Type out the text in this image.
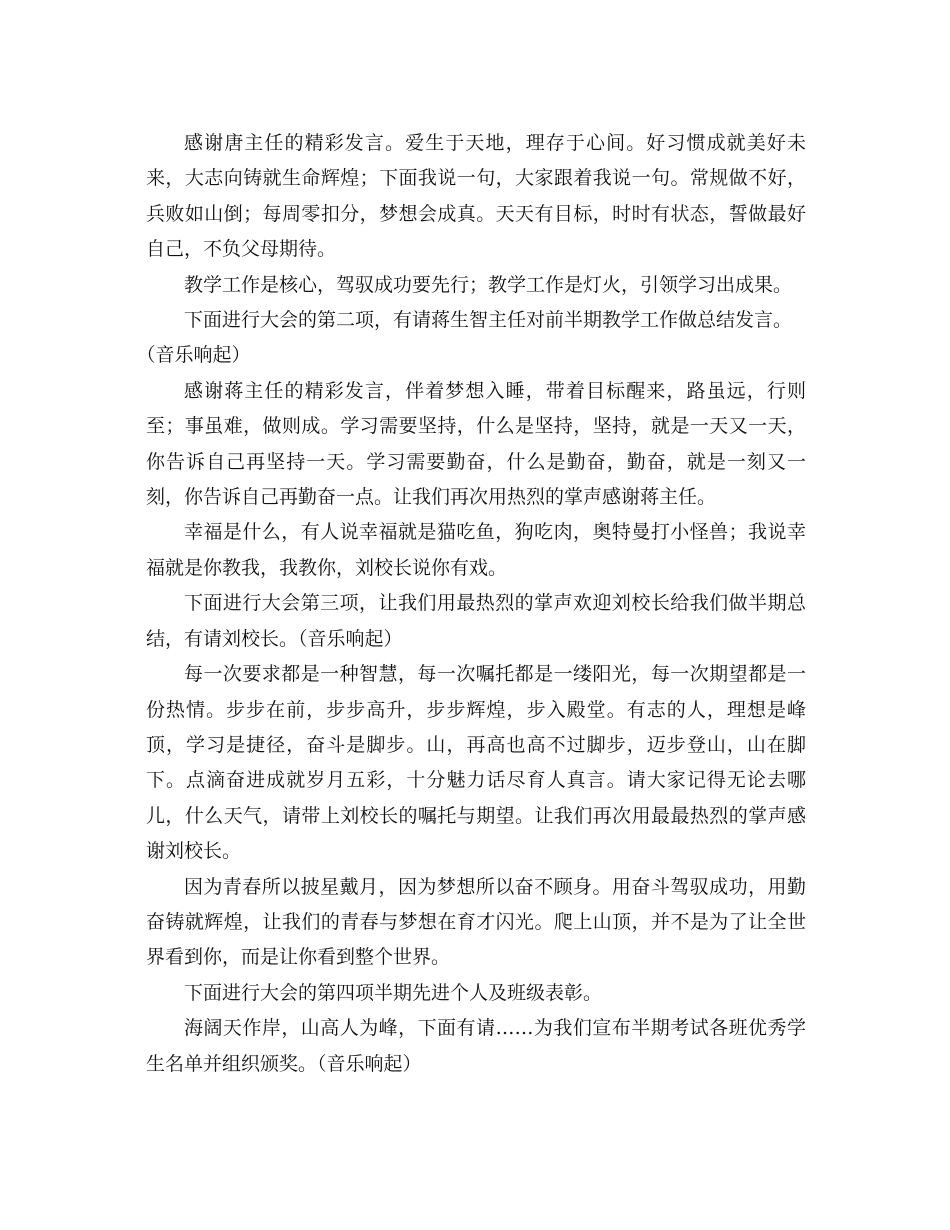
感谢唐主任的精彩发言。爱生于天地，理存于心间。好习惯成就美好未来，大志向铸就生命辉煌；下面我说一句，大家跟着我说一句。常规做不好，兵败如山倒；每周零扣分，梦想会成真。天天有目标，时时有状态，誓做最好自己，不负父母期待。

教学工作是核心，驾驭成功要先行；教学工作是灯火，引领学习出成果。

下面进行大会的第二项，有请蒋生智主任对前半期教学工作做总结发言。

（音乐响起）

感谢蒋主任的精彩发言，伴着梦想入睡，带着目标醒来，路虽远，行则至；事虽难，做则成。学习需要坚持，什么是坚持，坚持，就是一天又一天，你告诉自己再坚持一天。学习需要勤奋，什么是勤奋，勤奋，就是一刻又一刻，你告诉自己再勤奋一点。让我们再次用热烈的掌声感谢蒋主任。

幸福是什么，有人说幸福就是猫吃鱼，狗吃肉，奥特曼打小怪兽；我说幸福就是你教我，我教你，刘校长说你有戏。

下面进行大会第三项，让我们用最热烈的掌声欢迎刘校长给我们做半期总结，有请刘校长。（音乐响起）

每一次要求都是一种智慧，每一次嘱托都是一缕阳光，每一次期望都是一份热情。步步在前，步步高升，步步辉煌，步入殿堂。有志的人，理想是峰顶，学习是捷径，奋斗是脚步。山，再高也高不过脚步，迈步登山，山在脚下。点滴奋进成就岁月五彩，十分魅力话尽育人真言。请大家记得无论去哪儿，什么天气，请带上刘校长的嘱托与期望。让我们再次用最最热烈的掌声感谢刘校长。

因为青春所以披星戴月，因为梦想所以奋不顾身。用奋斗驾驭成功，用勤奋铸就辉煌，让我们的青春与梦想在育才闪光。爬上山顶，并不是为了让全世界看到你，而是让你看到整个世界。

下面进行大会的第四项半期先进个人及班级表彰。

海阔天作岸，山高人为峰，下面有请……为我们宣布半期考试各班优秀学生名单并组织颁奖。（音乐响起）
